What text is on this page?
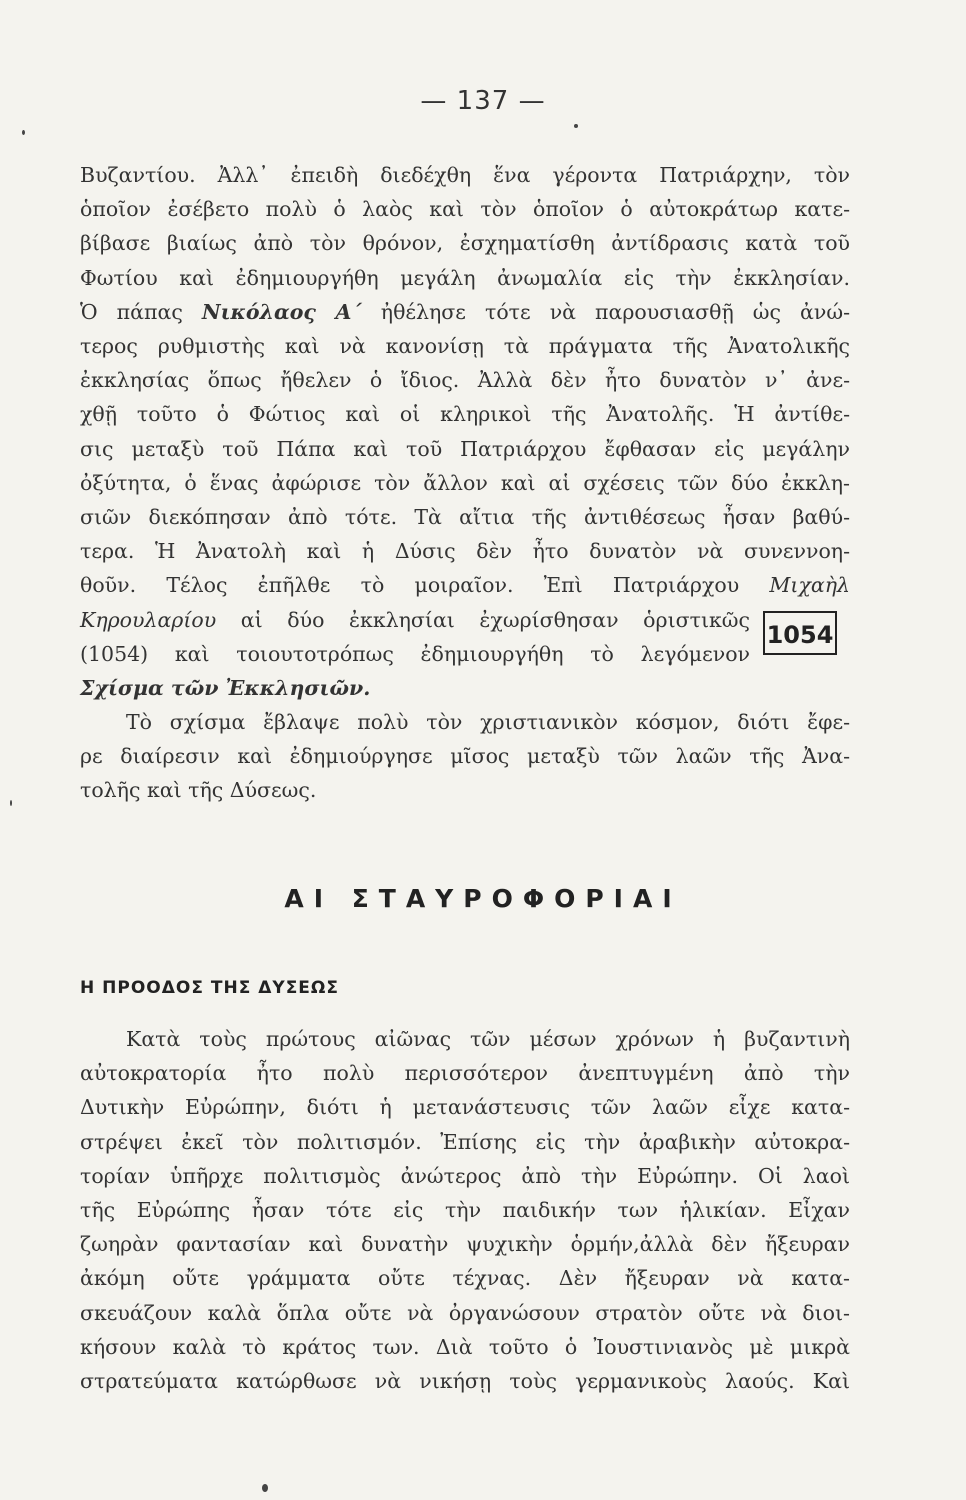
— 137 —
Βυζαντίου. Ἀλλ᾽ ἐπειδὴ διεδέχθη ἕνα γέροντα Πατριάρχην, τὸν
ὁποῖον ἐσέβετο πολὺ ὁ λαὸς καὶ τὸν ὁποῖον ὁ αὐτοκράτωρ κατε-
βίβασε βιαίως ἀπὸ τὸν θρόνον, ἐσχηματίσθη ἀντίδρασις κατὰ τοῦ
Φωτίου καὶ ἐδημιουργήθη μεγάλη ἀνωμαλία εἰς τὴν ἐκκλησίαν.
Ὁ πάπας Νικόλαος Α΄ ἠθέλησε τότε νὰ παρουσιασθῇ ὡς ἀνώ-
τερος ρυθμιστὴς καὶ νὰ κανονίσῃ τὰ πράγματα τῆς Ἀνατολικῆς
ἐκκλησίας ὅπως ἤθελεν ὁ ἴδιος. Ἀλλὰ δὲν ἦτο δυνατὸν ν᾽ ἀνε-
χθῇ τοῦτο ὁ Φώτιος καὶ οἱ κληρικοὶ τῆς Ἀνατολῆς. Ἡ ἀντίθε-
σις μεταξὺ τοῦ Πάπα καὶ τοῦ Πατριάρχου ἔφθασαν εἰς μεγάλην
ὀξύτητα, ὁ ἕνας ἀφώρισε τὸν ἄλλον καὶ αἱ σχέσεις τῶν δύο ἐκκλη-
σιῶν διεκόπησαν ἀπὸ τότε. Τὰ αἴτια τῆς ἀντιθέσεως ἦσαν βαθύ-
τερα. Ἡ Ἀνατολὴ καὶ ἡ Δύσις δὲν ἦτο δυνατὸν νὰ συνεννοη-
θοῦν. Τέλος ἐπῆλθε τὸ μοιραῖον. Ἐπὶ Πατριάρχου Μιχαὴλ
Κηρουλαρίου αἱ δύο ἐκκλησίαι ἐχωρίσθησαν ὁριστικῶς
(1054) καὶ τοιουτοτρόπως ἐδημιουργήθη τὸ λεγόμενον
Σχίσμα τῶν Ἐκκλησιῶν.
1054
Τὸ σχίσμα ἔβλαψε πολὺ τὸν χριστιανικὸν κόσμον, διότι ἔφε-
ρε διαίρεσιν καὶ ἐδημιούργησε μῖσος μεταξὺ τῶν λαῶν τῆς Ἀνα-
τολῆς καὶ τῆς Δύσεως.
ΑΙ ΣΤΑΥΡΟΦΟΡΙΑΙ
Η ΠΡΟΟΔΟΣ ΤΗΣ ΔΥΣΕΩΣ
Κατὰ τοὺς πρώτους αἰῶνας τῶν μέσων χρόνων ἡ βυζαντινὴ
αὐτοκρατορία ἦτο πολὺ περισσότερον ἀνεπτυγμένη ἀπὸ τὴν
Δυτικὴν Εὐρώπην, διότι ἡ μετανάστευσις τῶν λαῶν εἶχε κατα-
στρέψει ἐκεῖ τὸν πολιτισμόν. Ἐπίσης εἰς τὴν ἀραβικὴν αὐτοκρα-
τορίαν ὑπῆρχε πολιτισμὸς ἀνώτερος ἀπὸ τὴν Εὐρώπην. Οἱ λαοὶ
τῆς Εὐρώπης ἦσαν τότε εἰς τὴν παιδικήν των ἡλικίαν. Εἶχαν
ζωηρὰν φαντασίαν καὶ δυνατὴν ψυχικὴν ὁρμήν,ἀλλὰ δὲν ἤξευραν
ἀκόμη οὔτε γράμματα οὔτε τέχνας. Δὲν ἤξευραν νὰ κατα-
σκευάζουν καλὰ ὅπλα οὔτε νὰ ὀργανώσουν στρατὸν οὔτε νὰ διοι-
κήσουν καλὰ τὸ κράτος των. Διὰ τοῦτο ὁ Ἰουστινιανὸς μὲ μικρὰ
στρατεύματα κατώρθωσε νὰ νικήσῃ τοὺς γερμανικοὺς λαούς. Καὶ
